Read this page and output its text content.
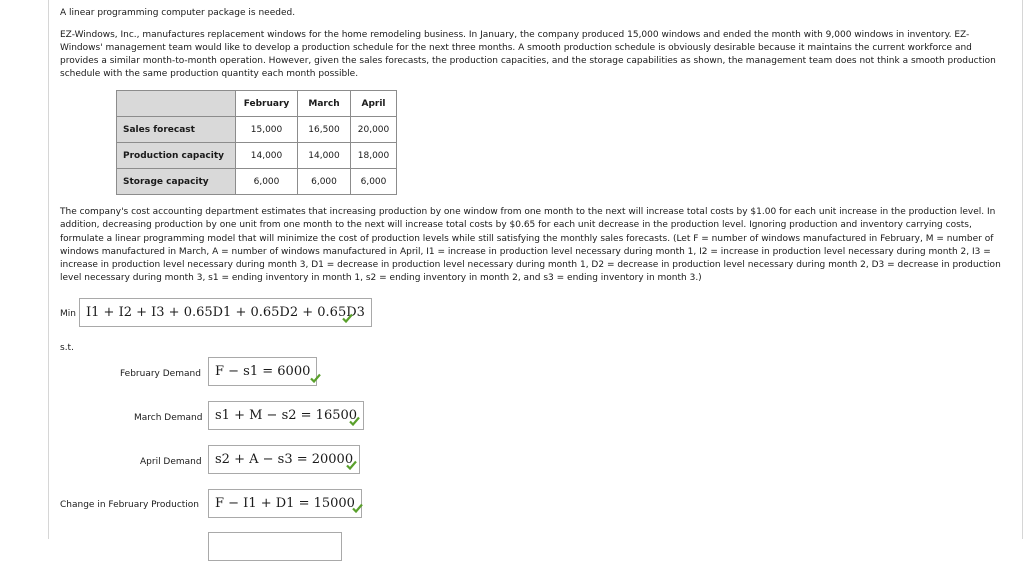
A linear programming computer package is needed.

EZ-Windows, Inc., manufactures replacement windows for the home remodeling business. In January, the company produced 15,000 windows and ended the month with 9,000 windows in inventory. EZ-Windows' management team would like to develop a production schedule for the next three months. A smooth production schedule is obviously desirable because it maintains the current workforce and provides a similar month-to-month operation. However, given the sales forecasts, the production capacities, and the storage capabilities as shown, the management team does not think a smooth production schedule with the same production quantity each month possible.

	February	March	April
Sales forecast	15,000	16,500	20,000
Production capacity	14,000	14,000	18,000
Storage capacity	6,000	6,000	6,000

The company's cost accounting department estimates that increasing production by one window from one month to the next will increase total costs by $1.00 for each unit increase in the production level. In addition, decreasing production by one unit from one month to the next will increase total costs by $0.65 for each unit decrease in the production level. Ignoring production and inventory carrying costs, formulate a linear programming model that will minimize the cost of production levels while still satisfying the monthly sales forecasts. (Let F = number of windows manufactured in February, M = number of windows manufactured in March, A = number of windows manufactured in April, I1 = increase in production level necessary during month 1, I2 = increase in production level necessary during month 2, I3 = increase in production level necessary during month 3, D1 = decrease in production level necessary during month 1, D2 = decrease in production level necessary during month 2, D3 = decrease in production level necessary during month 3, s1 = ending inventory in month 1, s2 = ending inventory in month 2, and s3 = ending inventory in month 3.)

Min I1 + I2 + I3 + 0.65D1 + 0.65D2 + 0.65D3
s.t.
February Demand	F − s1 = 6000
March Demand s1 + M − s2 = 16500
April Demand	s2 + A − s3 = 20000
Change in February Production	F − I1 + D1 = 15000
